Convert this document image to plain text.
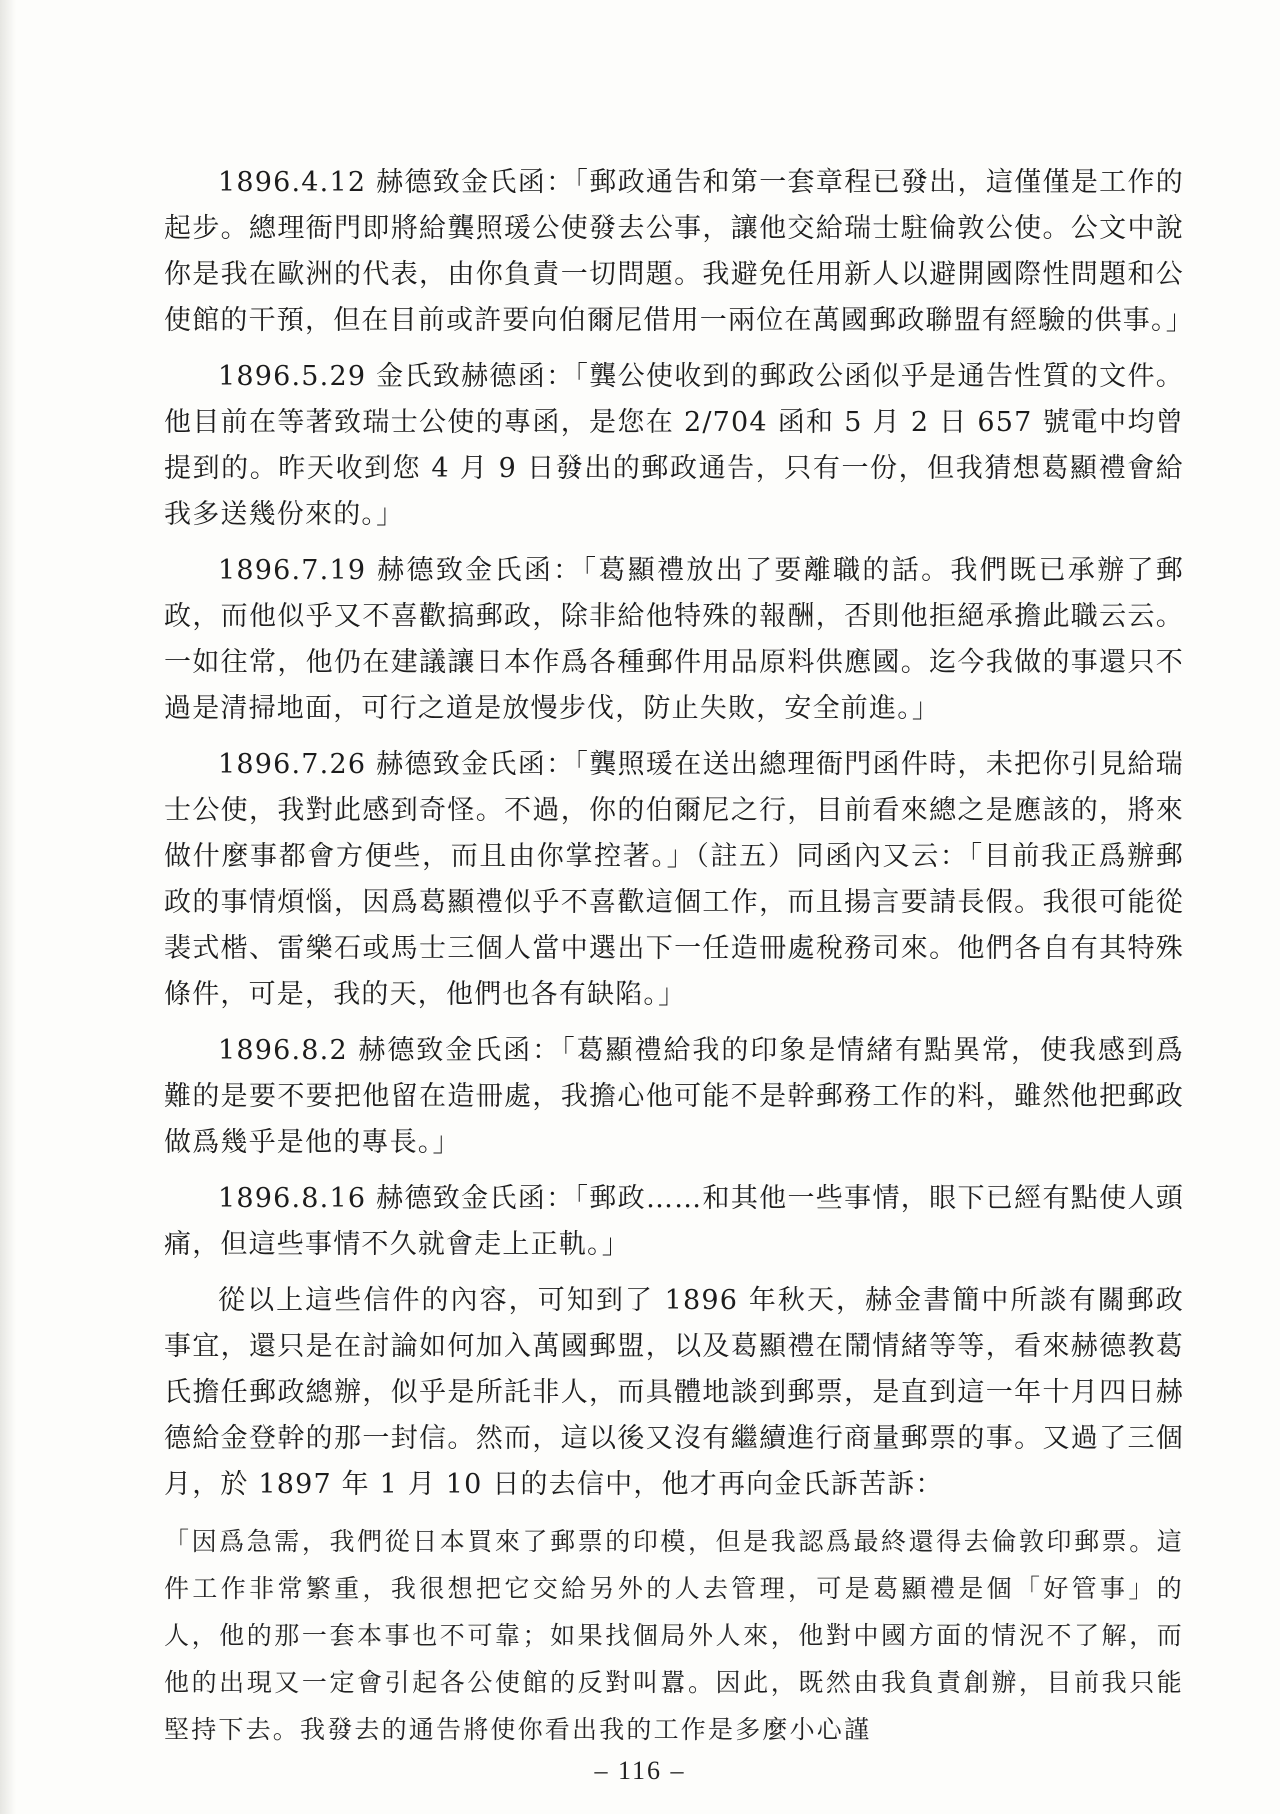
1896.4.12 赫德致金氏函：「郵政通告和第一套章程已發出，這僅僅是工作的起步。總理衙門即將給龔照瑗公使發去公事，讓他交給瑞士駐倫敦公使。公文中說你是我在歐洲的代表，由你負責一切問題。我避免任用新人以避開國際性問題和公使館的干預，但在目前或許要向伯爾尼借用一兩位在萬國郵政聯盟有經驗的供事。」

1896.5.29 金氏致赫德函：「龔公使收到的郵政公函似乎是通告性質的文件。他目前在等著致瑞士公使的專函，是您在 2/704 函和 5 月 2 日 657 號電中均曾提到的。昨天收到您 4 月 9 日發出的郵政通告，只有一份，但我猜想葛顯禮會給我多送幾份來的。」

1896.7.19 赫德致金氏函：「葛顯禮放出了要離職的話。我們既已承辦了郵政，而他似乎又不喜歡搞郵政，除非給他特殊的報酬，否則他拒絕承擔此職云云。一如往常，他仍在建議讓日本作爲各種郵件用品原料供應國。迄今我做的事還只不過是清掃地面，可行之道是放慢步伐，防止失敗，安全前進。」

1896.7.26 赫德致金氏函：「龔照瑗在送出總理衙門函件時，未把你引見給瑞士公使，我對此感到奇怪。不過，你的伯爾尼之行，目前看來總之是應該的，將來做什麼事都會方便些，而且由你掌控著。」（註五）同函內又云：「目前我正爲辦郵政的事情煩惱，因爲葛顯禮似乎不喜歡這個工作，而且揚言要請長假。我很可能從裴式楷、雷樂石或馬士三個人當中選出下一任造冊處稅務司來。他們各自有其特殊條件，可是，我的天，他們也各有缺陷。」

1896.8.2 赫德致金氏函：「葛顯禮給我的印象是情緒有點異常，使我感到爲難的是要不要把他留在造冊處，我擔心他可能不是幹郵務工作的料，雖然他把郵政做爲幾乎是他的專長。」

1896.8.16 赫德致金氏函：「郵政……和其他一些事情，眼下已經有點使人頭痛，但這些事情不久就會走上正軌。」

從以上這些信件的內容，可知到了 1896 年秋天，赫金書簡中所談有關郵政事宜，還只是在討論如何加入萬國郵盟，以及葛顯禮在鬧情緒等等，看來赫德教葛氏擔任郵政總辦，似乎是所託非人，而具體地談到郵票，是直到這一年十月四日赫德給金登幹的那一封信。然而，這以後又沒有繼續進行商量郵票的事。又過了三個月，於 1897 年 1 月 10 日的去信中，他才再向金氏訴苦訴：

「因爲急需，我們從日本買來了郵票的印模，但是我認爲最終還得去倫敦印郵票。這件工作非常繁重，我很想把它交給另外的人去管理，可是葛顯禮是個「好管事」的人，他的那一套本事也不可靠；如果找個局外人來，他對中國方面的情況不了解，而他的出現又一定會引起各公使館的反對叫囂。因此，既然由我負責創辦，目前我只能堅持下去。我發去的通告將使你看出我的工作是多麼小心謹

– 116 –
